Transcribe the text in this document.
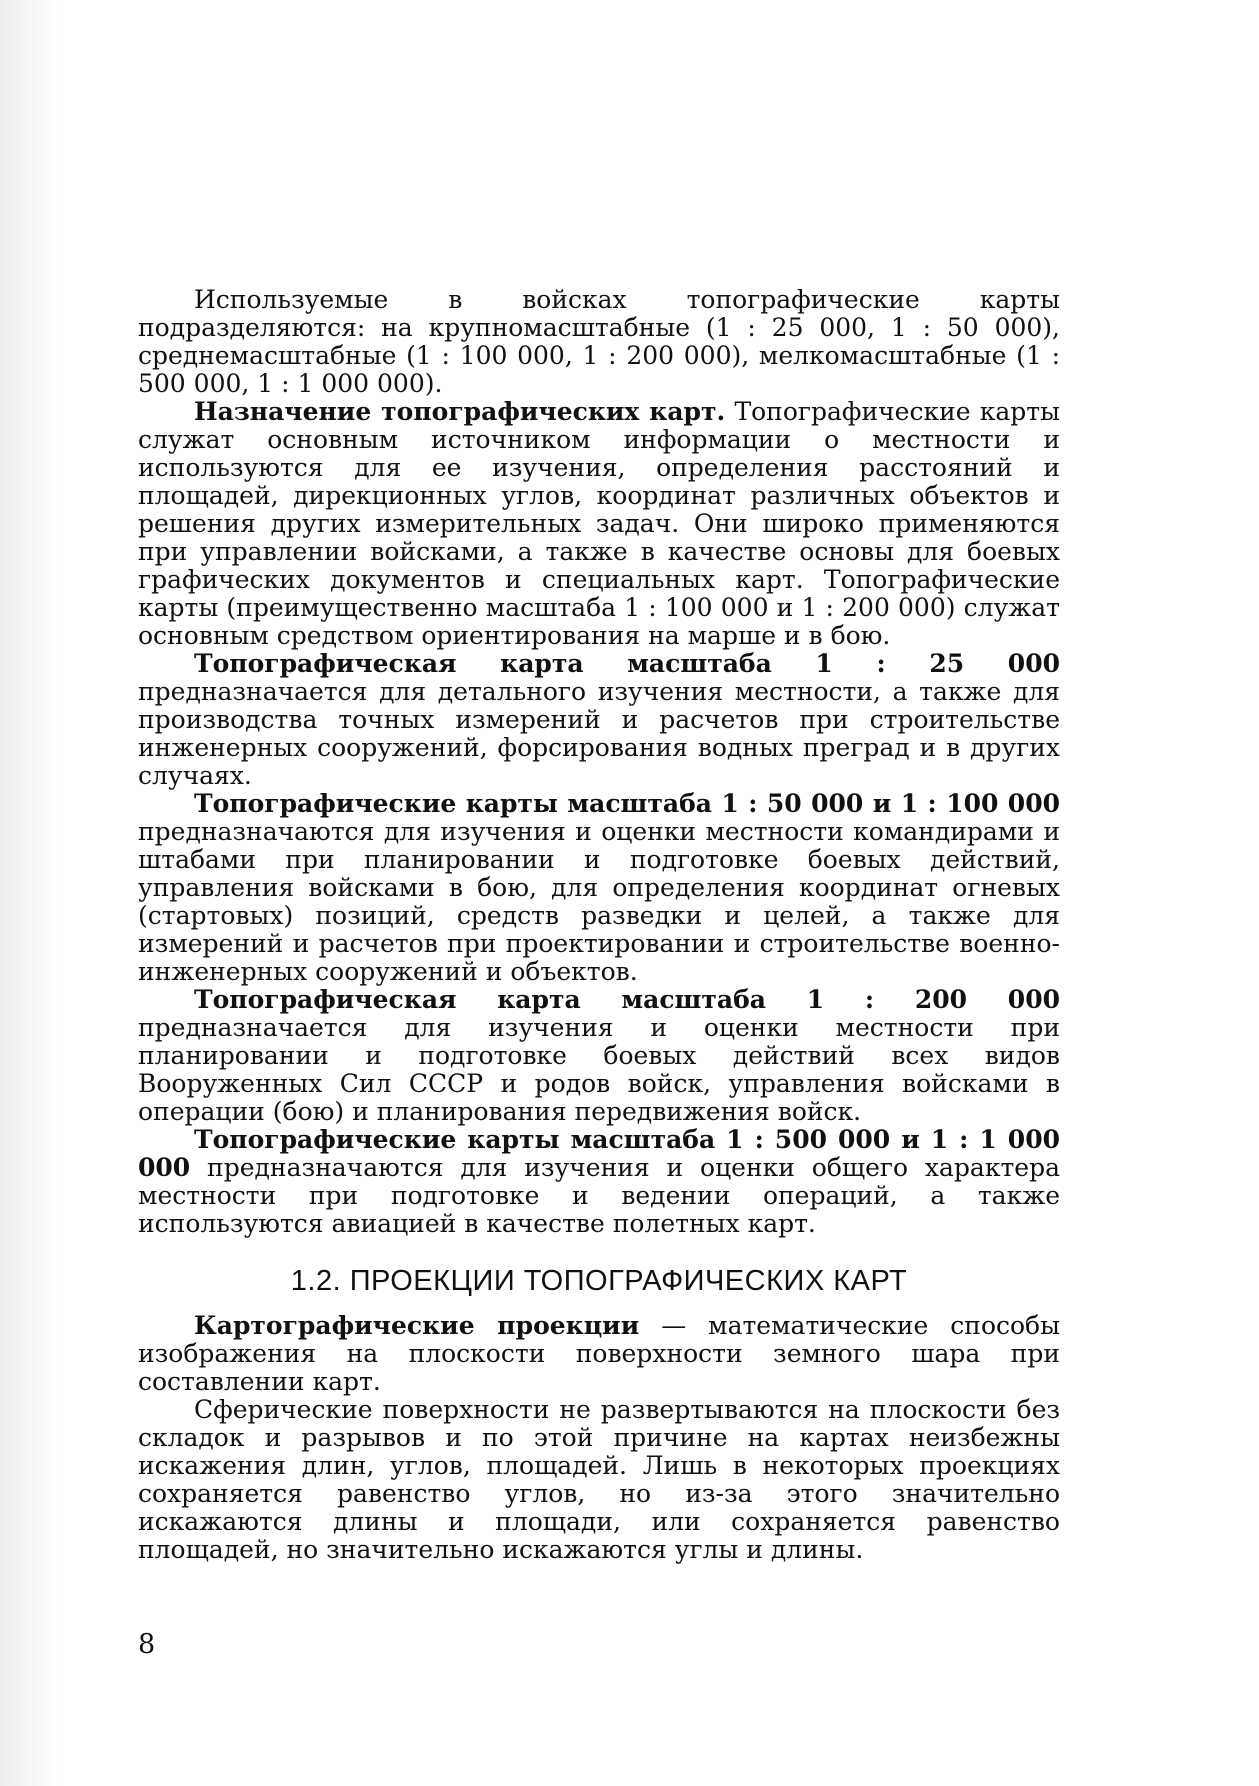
Используемые в войсках топографические карты подразделяются: на крупномасштабные (1 : 25 000, 1 : 50 000), среднемасштабные (1 : 100 000, 1 : 200 000), мелкомасштабные (1 : 500 000, 1 : 1 000 000).

Назначение топографических карт. Топографические карты служат основным источником информации о местности и используются для ее изучения, определения расстояний и площадей, дирекционных углов, координат различных объектов и решения других измерительных задач. Они широко применяются при управлении войсками, а также в качестве основы для боевых графических документов и специальных карт. Топографические карты (преимущественно масштаба 1 : 100 000 и 1 : 200 000) служат основным средством ориентирования на марше и в бою.

Топографическая карта масштаба 1 : 25 000 предназначается для детального изучения местности, а также для производства точных измерений и расчетов при строительстве инженерных сооружений, форсирования водных преград и в других случаях.

Топографические карты масштаба 1 : 50 000 и 1 : 100 000 предназначаются для изучения и оценки местности командирами и штабами при планировании и подготовке боевых действий, управления войсками в бою, для определения координат огневых (стартовых) позиций, средств разведки и целей, а также для измерений и расчетов при проектировании и строительстве военно-инженерных сооружений и объектов.

Топографическая карта масштаба 1 : 200 000 предназначается для изучения и оценки местности при планировании и подготовке боевых действий всех видов Вооруженных Сил СССР и родов войск, управления войсками в операции (бою) и планирования передвижения войск.

Топографические карты масштаба 1 : 500 000 и 1 : 1 000 000 предназначаются для изучения и оценки общего характера местности при подготовке и ведении операций, а также используются авиацией в качестве полетных карт.

1.2. ПРОЕКЦИИ ТОПОГРАФИЧЕСКИХ КАРТ

Картографические проекции — математические способы изображения на плоскости поверхности земного шара при составлении карт.

Сферические поверхности не развертываются на плоскости без складок и разрывов и по этой причине на картах неизбежны искажения длин, углов, площадей. Лишь в некоторых проекциях сохраняется равенство углов, но из-за этого значительно искажаются длины и площади, или сохраняется равенство площадей, но значительно искажаются углы и длины.

8
